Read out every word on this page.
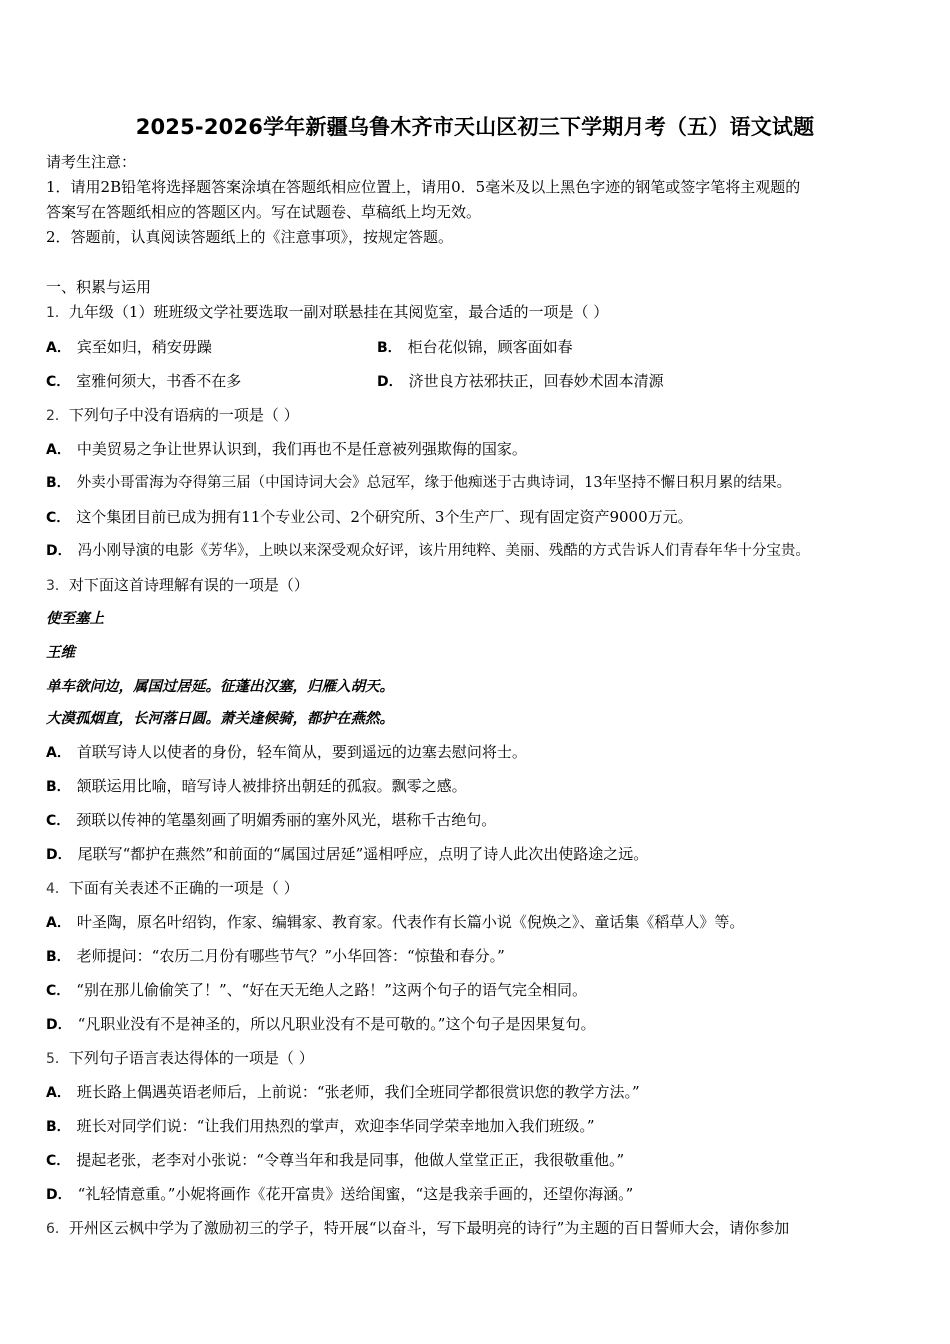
2025-2026学年新疆乌鲁木齐市天山区初三下学期月考（五）语文试题
请考生注意：
1．请用2B铅笔将选择题答案涂填在答题纸相应位置上，请用0．5毫米及以上黑色字迹的钢笔或签字笔将主观题的
答案写在答题纸相应的答题区内。写在试题卷、草稿纸上均无效。
2．答题前，认真阅读答题纸上的《注意事项》，按规定答题。
一、积累与运用
1．九年级（1）班班级文学社要选取一副对联悬挂在其阅览室，最合适的一项是（ ）
A． 宾至如归，稍安毋躁	B． 柜台花似锦，顾客面如春
C． 室雅何须大，书香不在多	D． 济世良方祛邪扶正，回春妙术固本清源
2．下列句子中没有语病的一项是（ ）
A． 中美贸易之争让世界认识到，我们再也不是任意被列强欺侮的国家。
B． 外卖小哥雷海为夺得第三届（中国诗词大会》总冠军，缘于他痴迷于古典诗词，13年坚持不懈日积月累的结果。
C． 这个集团目前已成为拥有11个专业公司、2个研究所、3个生产厂、现有固定资产9000万元。
D． 冯小刚导演的电影《芳华》，上映以来深受观众好评，该片用纯粹、美丽、残酷的方式告诉人们青春年华十分宝贵。
3．对下面这首诗理解有误的一项是（）
使至塞上
王维
单车欲问边，属国过居延。征蓬出汉塞，归雁入胡天。
大漠孤烟直，长河落日圆。萧关逢候骑，都护在燕然。
A． 首联写诗人以使者的身份，轻车简从，要到遥远的边塞去慰问将士。
B． 颔联运用比喻，暗写诗人被排挤出朝廷的孤寂。飘零之感。
C． 颈联以传神的笔墨刻画了明媚秀丽的塞外风光，堪称千古绝句。
D． 尾联写“都护在燕然”和前面的“属国过居延”遥相呼应，点明了诗人此次出使路途之远。
4．下面有关表述不正确的一项是（ ）
A． 叶圣陶，原名叶绍钧，作家、编辑家、教育家。代表作有长篇小说《倪焕之》、童话集《稻草人》等。
B． 老师提问：“农历二月份有哪些节气？”小华回答：“惊蛰和春分。”
C． “别在那儿偷偷笑了！”、“好在天无绝人之路！”这两个句子的语气完全相同。
D． “凡职业没有不是神圣的，所以凡职业没有不是可敬的。”这个句子是因果复句。
5．下列句子语言表达得体的一项是（ ）
A． 班长路上偶遇英语老师后，上前说：“张老师，我们全班同学都很赏识您的教学方法。”
B． 班长对同学们说：“让我们用热烈的掌声，欢迎李华同学荣幸地加入我们班级。”
C． 提起老张，老李对小张说：“令尊当年和我是同事，他做人堂堂正正，我很敬重他。”
D． “礼轻情意重。”小妮将画作《花开富贵》送给闺蜜，“这是我亲手画的，还望你海涵。”
6．开州区云枫中学为了激励初三的学子，特开展“以奋斗，写下最明亮的诗行”为主题的百日誓师大会，请你参加
